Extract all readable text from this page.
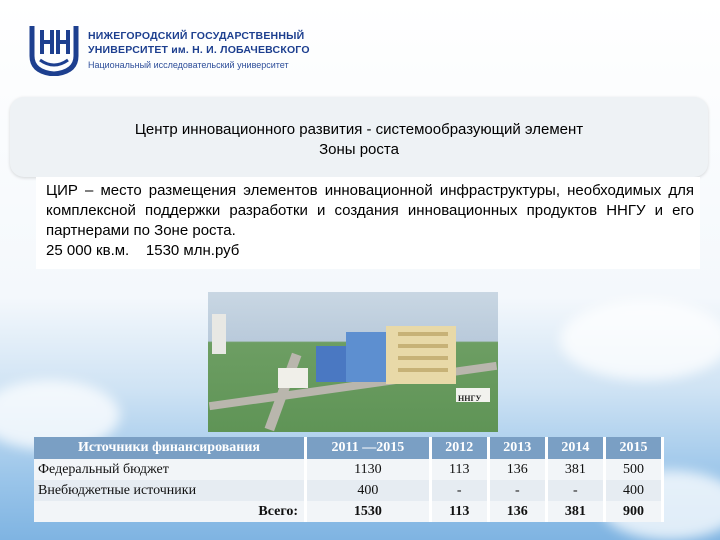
НИЖЕГОРОДСКИЙ ГОСУДАРСТВЕННЫЙ
УНИВЕРСИТЕТ им. Н. И. ЛОБАЧЕВСКОГО
Национальный исследовательский университет
Центр инновационного развития - системообразующий элемент
Зоны роста
ЦИР – место размещения элементов инновационной инфраструктуры, необходимых для комплексной поддержки разработки и создания инновационных продуктов ННГУ и его партнерами по Зоне роста.
25 000 кв.м.    1530 млн.руб
ННГУ
Источники финансирования	2011 —2015	2012	2013	2014	2015
Федеральный бюджет	1130	113	136	381	500
Внебюджетные источники	400	-	-	-	400
Всего:	1530	113	136	381	900
